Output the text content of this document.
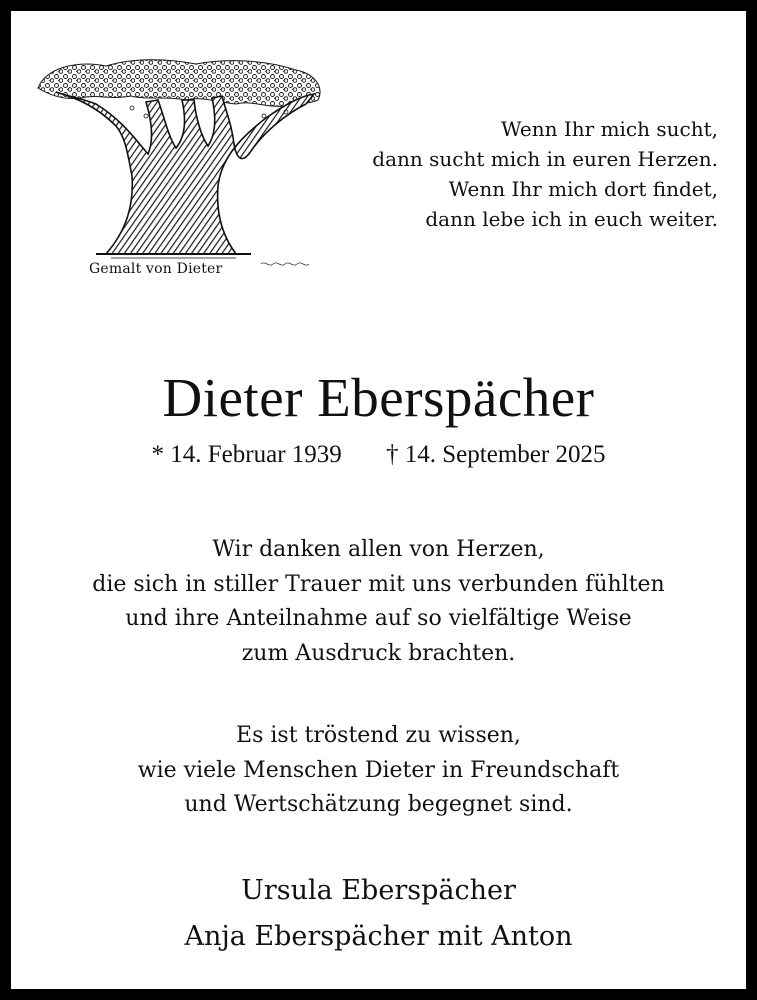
Gemalt von Dieter
Wenn Ihr mich sucht,
dann sucht mich in euren Herzen.
Wenn Ihr mich dort findet,
dann lebe ich in euch weiter.
Dieter Eberspächer
* 14. Februar 1939 † 14. September 2025
Wir danken allen von Herzen,
die sich in stiller Trauer mit uns verbunden fühlten
und ihre Anteilnahme auf so vielfältige Weise
zum Ausdruck brachten.
Es ist tröstend zu wissen,
wie viele Menschen Dieter in Freundschaft
und Wertschätzung begegnet sind.
Ursula Eberspächer
Anja Eberspächer mit Anton
